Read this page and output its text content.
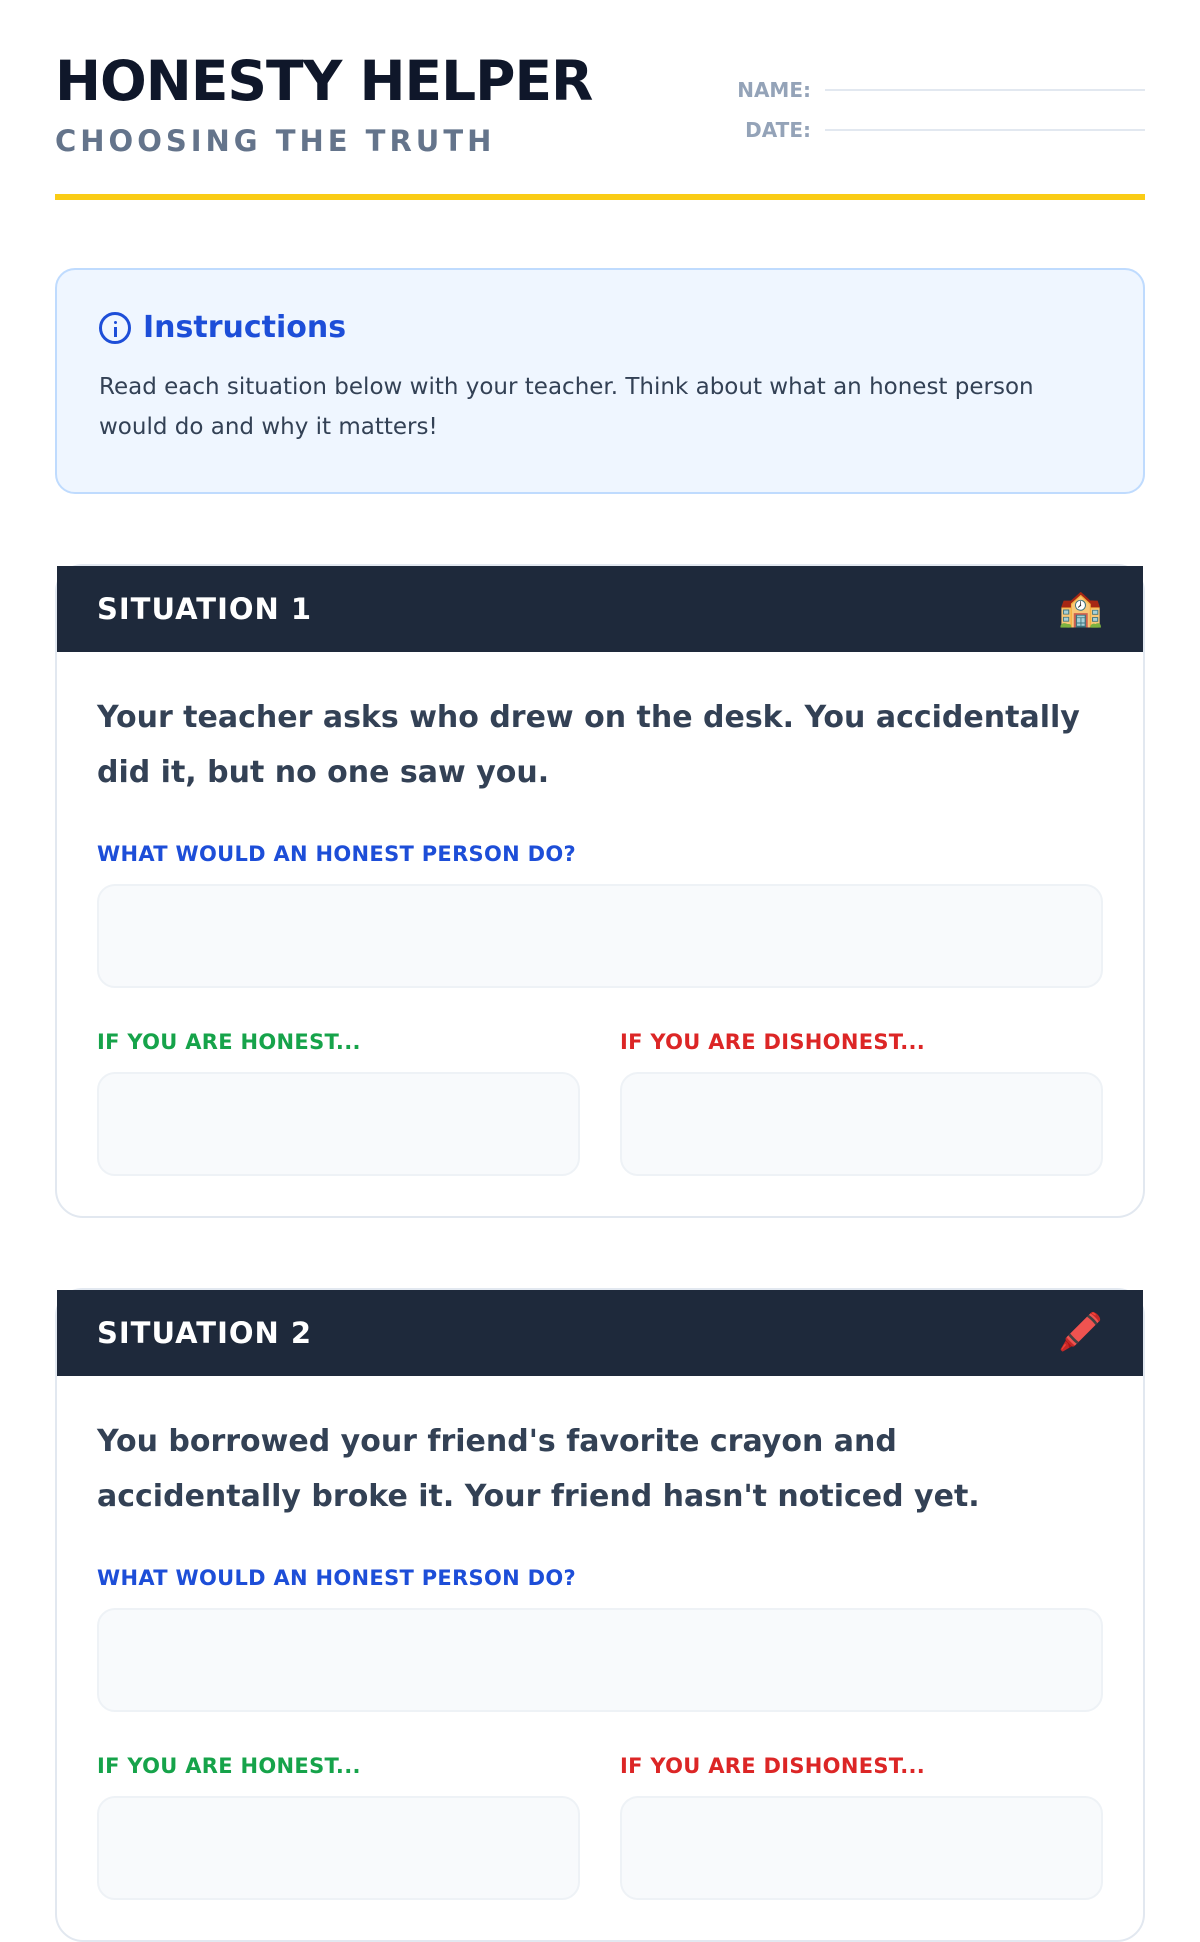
HONESTY HELPER
CHOOSING THE TRUTH
NAME:
DATE:
Instructions

Read each situation below with your teacher. Think about what an honest person would do and why it matters!

SITUATION 1	🏫

Your teacher asks who drew on the desk. You accidentally did it, but no one saw you.

WHAT WOULD AN HONEST PERSON DO?
IF YOU ARE HONEST...	IF YOU ARE DISHONEST...
SITUATION 2	🖍️

You borrowed your friend's favorite crayon and accidentally broke it. Your friend hasn't noticed yet.

WHAT WOULD AN HONEST PERSON DO?
IF YOU ARE HONEST...	IF YOU ARE DISHONEST...
